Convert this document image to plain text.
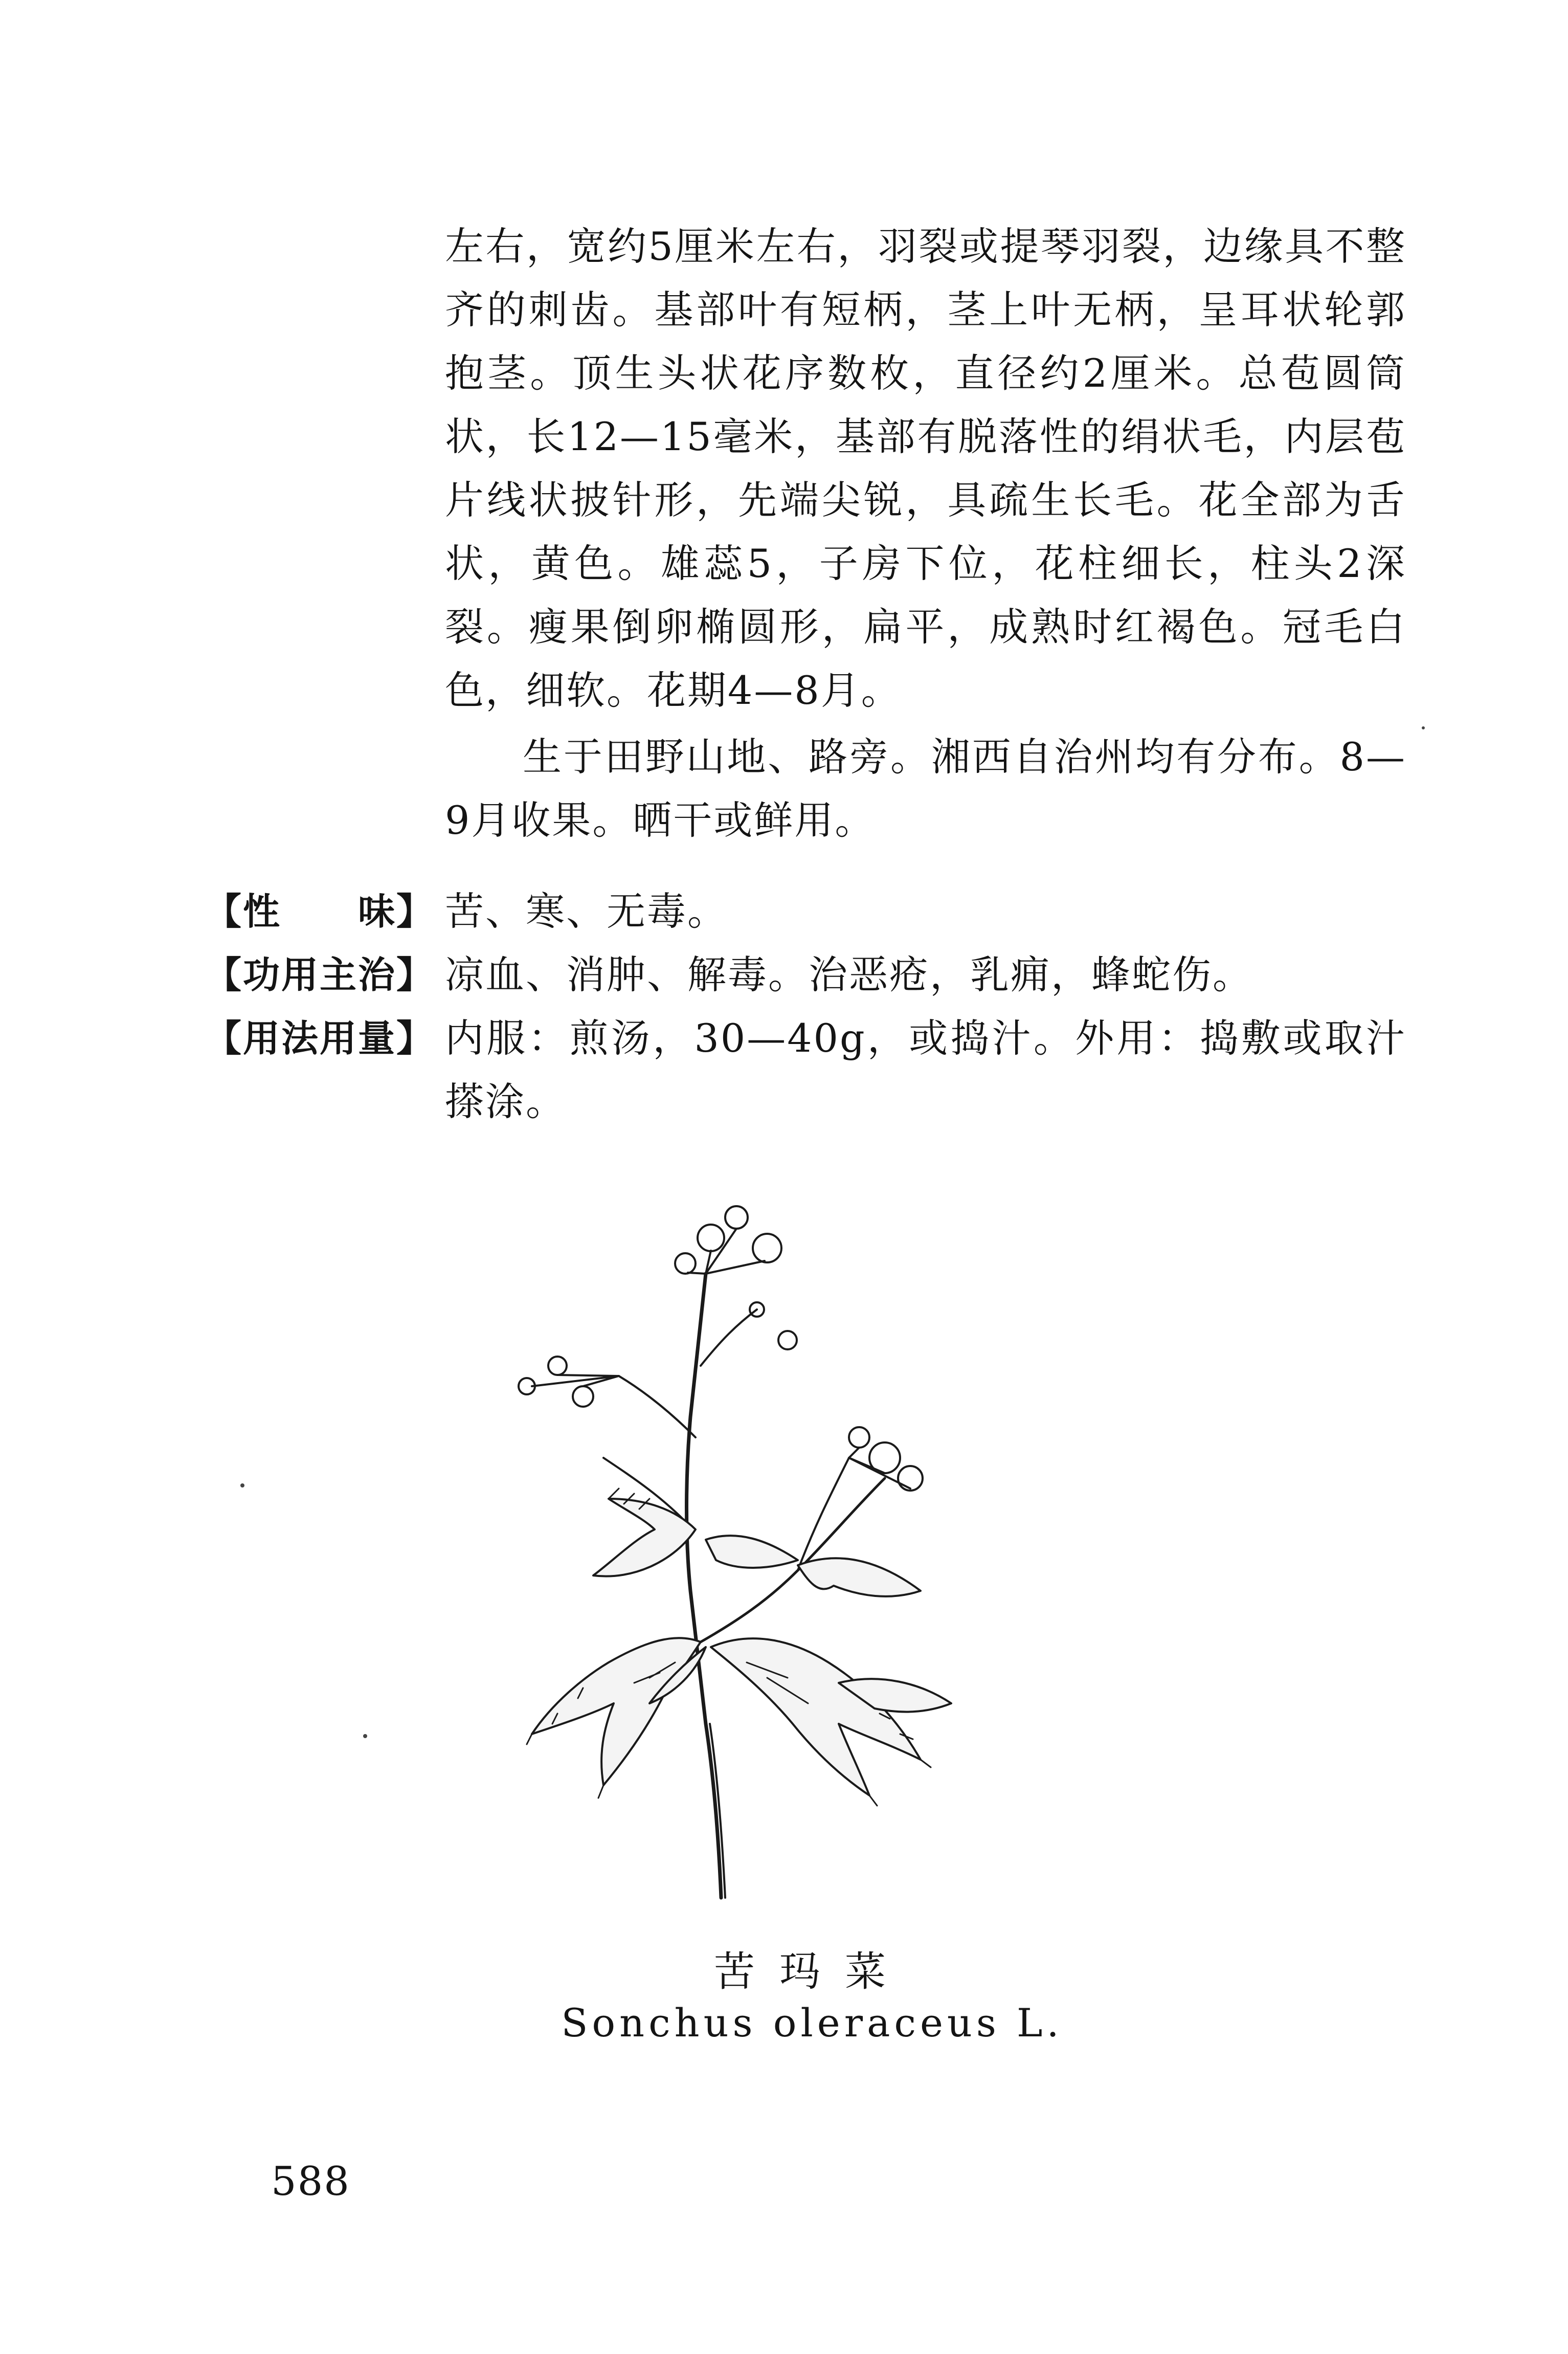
左右，宽约5厘米左右，羽裂或提琴羽裂，边缘具不整齐的刺齿。基部叶有短柄，茎上叶无柄，呈耳状轮郭抱茎。顶生头状花序数枚，直径约2厘米。总苞圆筒状，长12—15毫米，基部有脱落性的绢状毛，内层苞片线状披针形，先端尖锐，具疏生长毛。花全部为舌状，黄色。雄蕊5，子房下位，花柱细长，柱头2深裂。瘦果倒卵椭圆形，扁平，成熟时红褐色。冠毛白色，细软。花期4—8月。

生于田野山地、路旁。湘西自治州均有分布。8—9月收果。晒干或鲜用。

【性　　味】 苦、寒、无毒。
【功用主治】 凉血、消肿、解毒。治恶疮，乳痈，蜂蛇伤。
【用法用量】 内服：煎汤，30—40g，或捣汁。外用：捣敷或取汁搽涂。
苦玛菜
Sonchus oleraceus L.
588
